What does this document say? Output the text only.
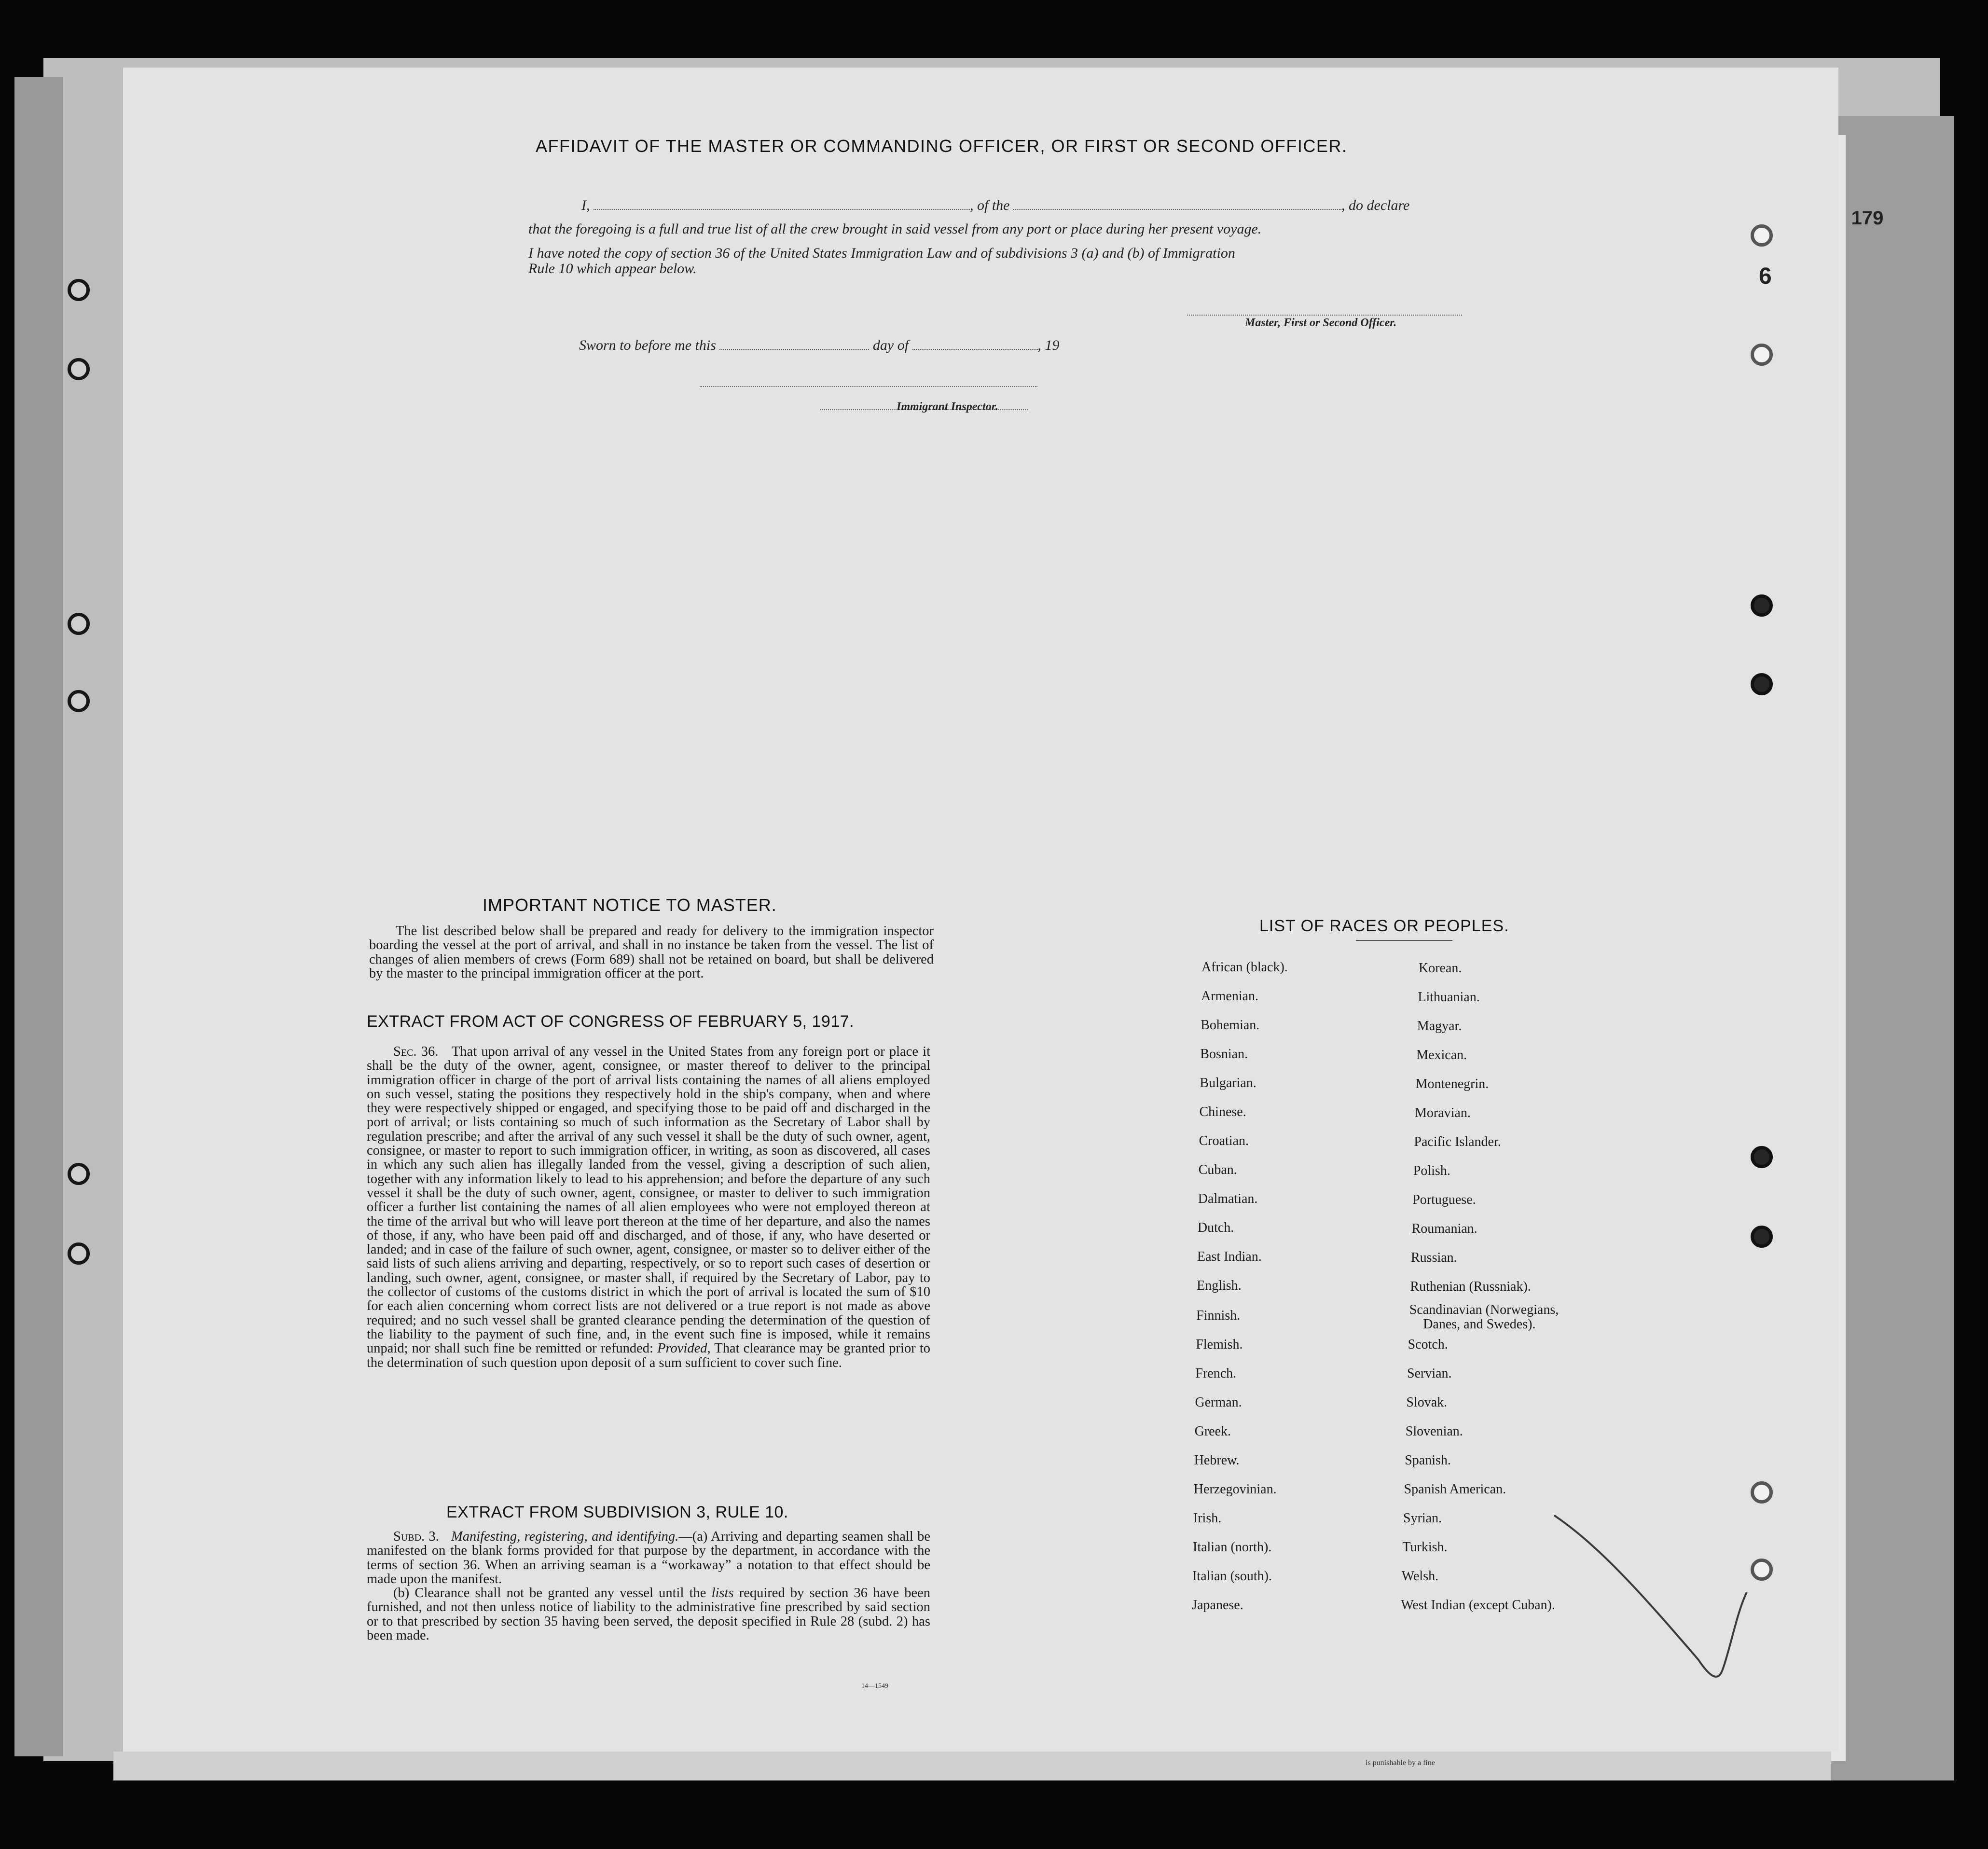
is punishable by a fine
179
6
AFFIDAVIT OF THE MASTER OR COMMANDING OFFICER, OR FIRST OR SECOND OFFICER.
I,	, of the	, do declare
that the foregoing is a full and true list of all the crew brought in said vessel from any port or place during her present voyage.
I have noted the copy of section 36 of the United States Immigration Law and of subdivisions 3 (a) and (b) of Immigration
Rule 10 which appear below.
Master, First or Second Officer.
Sworn to before me this	day of	, 19
Immigrant Inspector.
IMPORTANT NOTICE TO MASTER.

The list described below shall be prepared and ready for delivery to the immigration inspector boarding the vessel at the port of arrival, and shall in no instance be taken from the vessel. The list of changes of alien members of crews (Form 689) shall not be retained on board, but shall be delivered by the master to the principal immigration officer at the port.

EXTRACT FROM ACT OF CONGRESS OF FEBRUARY 5, 1917.

Sec. 36. That upon arrival of any vessel in the United States from any foreign port or place it shall be the duty of the owner, agent, consignee, or master thereof to deliver to the principal immigration officer in charge of the port of arrival lists containing the names of all aliens employed on such vessel, stating the positions they respectively hold in the ship's company, when and where they were respectively shipped or engaged, and specifying those to be paid off and discharged in the port of arrival; or lists containing so much of such information as the Secretary of Labor shall by regulation prescribe; and after the arrival of any such vessel it shall be the duty of such owner, agent, consignee, or master to report to such immigration officer, in writing, as soon as discovered, all cases in which any such alien has illegally landed from the vessel, giving a description of such alien, together with any information likely to lead to his apprehension; and before the departure of any such vessel it shall be the duty of such owner, agent, consignee, or master to deliver to such immigration officer a further list containing the names of all alien employees who were not employed thereon at the time of the arrival but who will leave port thereon at the time of her departure, and also the names of those, if any, who have been paid off and discharged, and of those, if any, who have deserted or landed; and in case of the failure of such owner, agent, consignee, or master so to deliver either of the said lists of such aliens arriving and departing, respectively, or so to report such cases of desertion or landing, such owner, agent, consignee, or master shall, if required by the Secretary of Labor, pay to the collector of customs of the customs district in which the port of arrival is located the sum of $10 for each alien concerning whom correct lists are not delivered or a true report is not made as above required; and no such vessel shall be granted clearance pending the determination of the question of the liability to the payment of such fine, and, in the event such fine is imposed, while it remains unpaid; nor shall such fine be remitted or refunded: Provided, That clearance may be granted prior to the determination of such question upon deposit of a sum sufficient to cover such fine.

EXTRACT FROM SUBDIVISION 3, RULE 10.

Subd. 3. Manifesting, registering, and identifying.—(a) Arriving and departing seamen shall be manifested on the blank forms provided for that purpose by the department, in accordance with the terms of section 36. When an arriving seaman is a “workaway” a notation to that effect should be made upon the manifest.

(b) Clearance shall not be granted any vessel until the lists required by section 36 have been furnished, and not then unless notice of liability to the administrative fine prescribed by said section or to that prescribed by section 35 having been served, the deposit specified in Rule 28 (subd. 2) has been made.

14—1549
LIST OF RACES OR PEOPLES.
African (black).
Armenian.
Bohemian.
Bosnian.
Bulgarian.
Chinese.
Croatian.
Cuban.
Dalmatian.
Dutch.
East Indian.
English.
Finnish.
Flemish.
French.
German.
Greek.
Hebrew.
Herzegovinian.
Irish.
Italian (north).
Italian (south).
Japanese.
Korean.
Lithuanian.
Magyar.
Mexican.
Montenegrin.
Moravian.
Pacific Islander.
Polish.
Portuguese.
Roumanian.
Russian.
Ruthenian (Russniak).
Scandinavian (Norwegians,
Danes, and Swedes).
Scotch.
Servian.
Slovak.
Slovenian.
Spanish.
Spanish American.
Syrian.
Turkish.
Welsh.
West Indian (except Cuban).
